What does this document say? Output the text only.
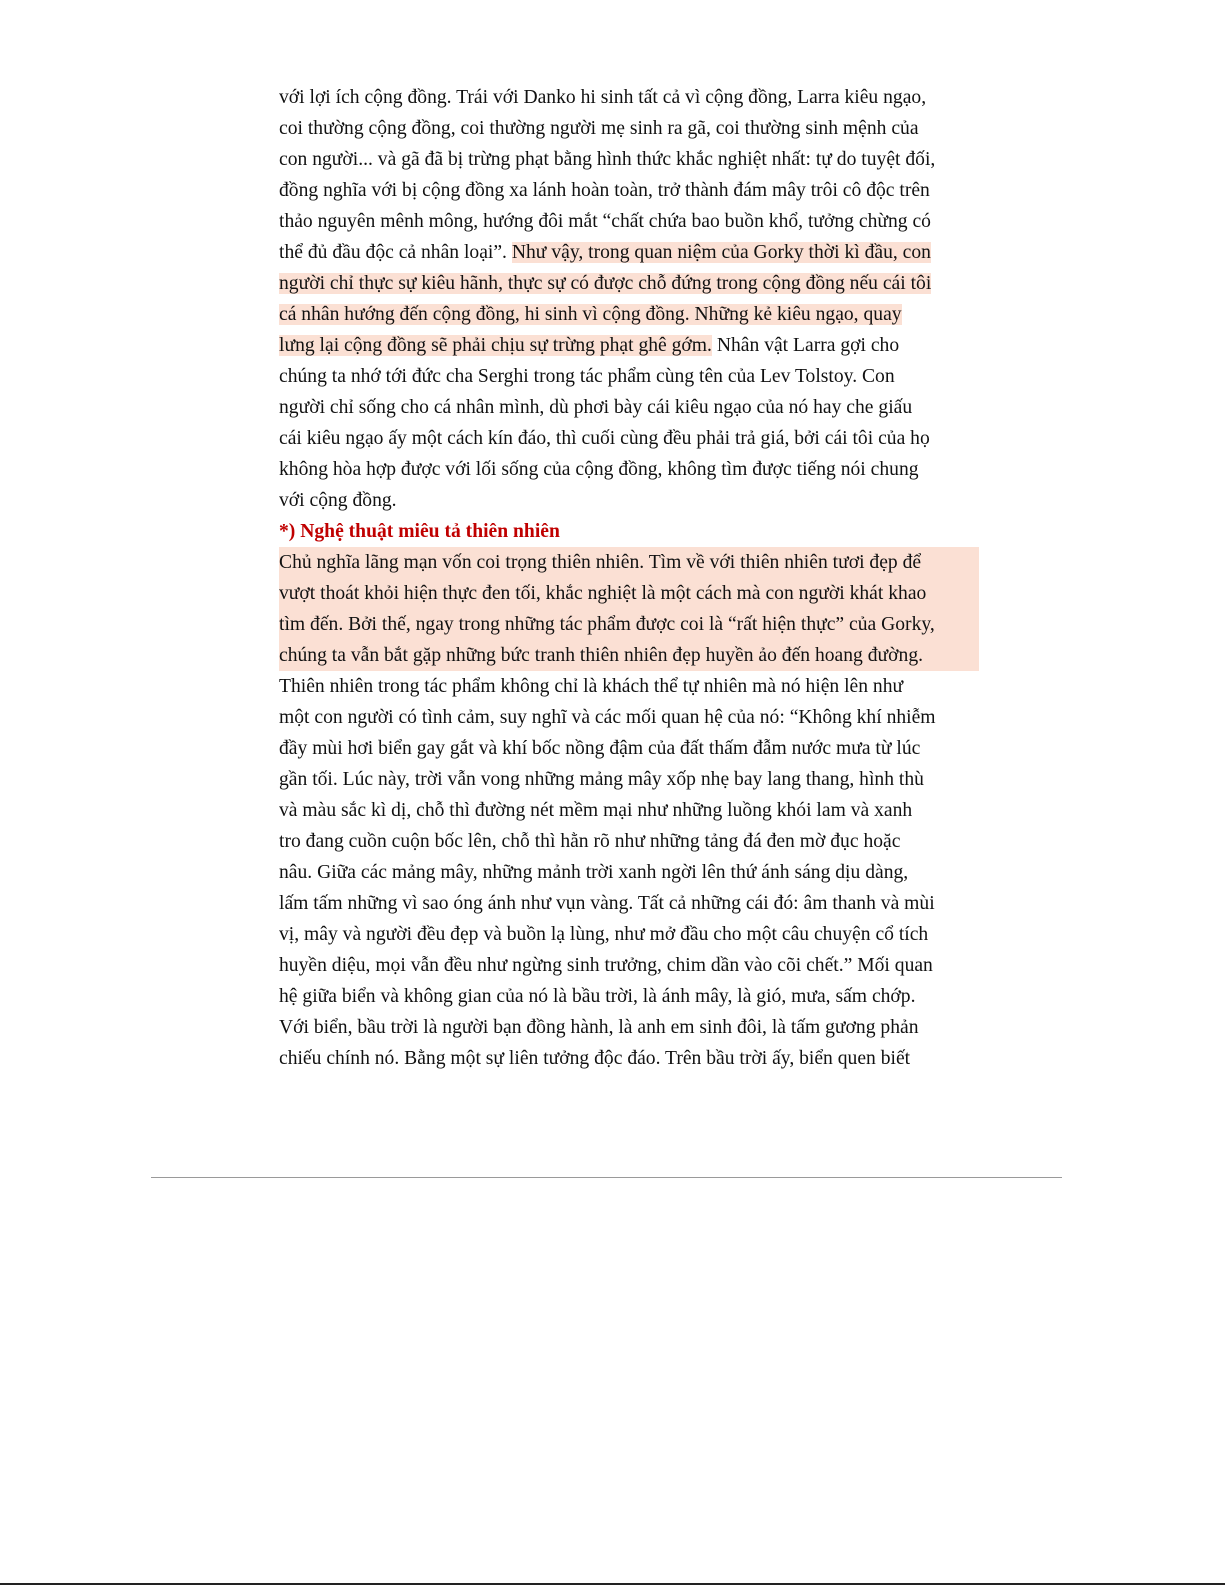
với lợi ích cộng đồng. Trái với Danko hi sinh tất cả vì cộng đồng, Larra kiêu ngạo,
coi thường cộng đồng, coi thường người mẹ sinh ra gã, coi thường sinh mệnh của
con người... và gã đã bị trừng phạt bằng hình thức khắc nghiệt nhất: tự do tuyệt đối,
đồng nghĩa với bị cộng đồng xa lánh hoàn toàn, trở thành đám mây trôi cô độc trên
thảo nguyên mênh mông, hướng đôi mắt “chất chứa bao buồn khổ, tưởng chừng có
thể đủ đầu độc cả nhân loại”. Như vậy, trong quan niệm của Gorky thời kì đầu, con
người chỉ thực sự kiêu hãnh, thực sự có được chỗ đứng trong cộng đồng nếu cái tôi
cá nhân hướng đến cộng đồng, hi sinh vì cộng đồng. Những kẻ kiêu ngạo, quay
lưng lại cộng đồng sẽ phải chịu sự trừng phạt ghê gớm. Nhân vật Larra gợi cho
chúng ta nhớ tới đức cha Serghi trong tác phẩm cùng tên của Lev Tolstoy. Con
người chỉ sống cho cá nhân mình, dù phơi bày cái kiêu ngạo của nó hay che giấu
cái kiêu ngạo ấy một cách kín đáo, thì cuối cùng đều phải trả giá, bởi cái tôi của họ
không hòa hợp được với lối sống của cộng đồng, không tìm được tiếng nói chung
với cộng đồng.
*) Nghệ thuật miêu tả thiên nhiên
Chủ nghĩa lãng mạn vốn coi trọng thiên nhiên. Tìm về với thiên nhiên tươi đẹp để
vượt thoát khỏi hiện thực đen tối, khắc nghiệt là một cách mà con người khát khao
tìm đến. Bởi thế, ngay trong những tác phẩm được coi là “rất hiện thực” của Gorky,
chúng ta vẫn bắt gặp những bức tranh thiên nhiên đẹp huyền ảo đến hoang đường.
Thiên nhiên trong tác phẩm không chỉ là khách thể tự nhiên mà nó hiện lên như
một con người có tình cảm, suy nghĩ và các mối quan hệ của nó: “Không khí nhiễm
đầy mùi hơi biển gay gắt và khí bốc nồng đậm của đất thấm đẫm nước mưa từ lúc
gần tối. Lúc này, trời vẫn vong những mảng mây xốp nhẹ bay lang thang, hình thù
và màu sắc kì dị, chỗ thì đường nét mềm mại như những luồng khói lam và xanh
tro đang cuồn cuộn bốc lên, chỗ thì hằn rõ như những tảng đá đen mờ đục hoặc
nâu. Giữa các mảng mây, những mảnh trời xanh ngời lên thứ ánh sáng dịu dàng,
lấm tấm những vì sao óng ánh như vụn vàng. Tất cả những cái đó: âm thanh và mùi
vị, mây và người đều đẹp và buồn lạ lùng, như mở đầu cho một câu chuyện cổ tích
huyền diệu, mọi vẫn đều như ngừng sinh trưởng, chim dần vào cõi chết.” Mối quan
hệ giữa biển và không gian của nó là bầu trời, là ánh mây, là gió, mưa, sấm chớp.
Với biển, bầu trời là người bạn đồng hành, là anh em sinh đôi, là tấm gương phản
chiếu chính nó. Bằng một sự liên tưởng độc đáo. Trên bầu trời ấy, biển quen biết
